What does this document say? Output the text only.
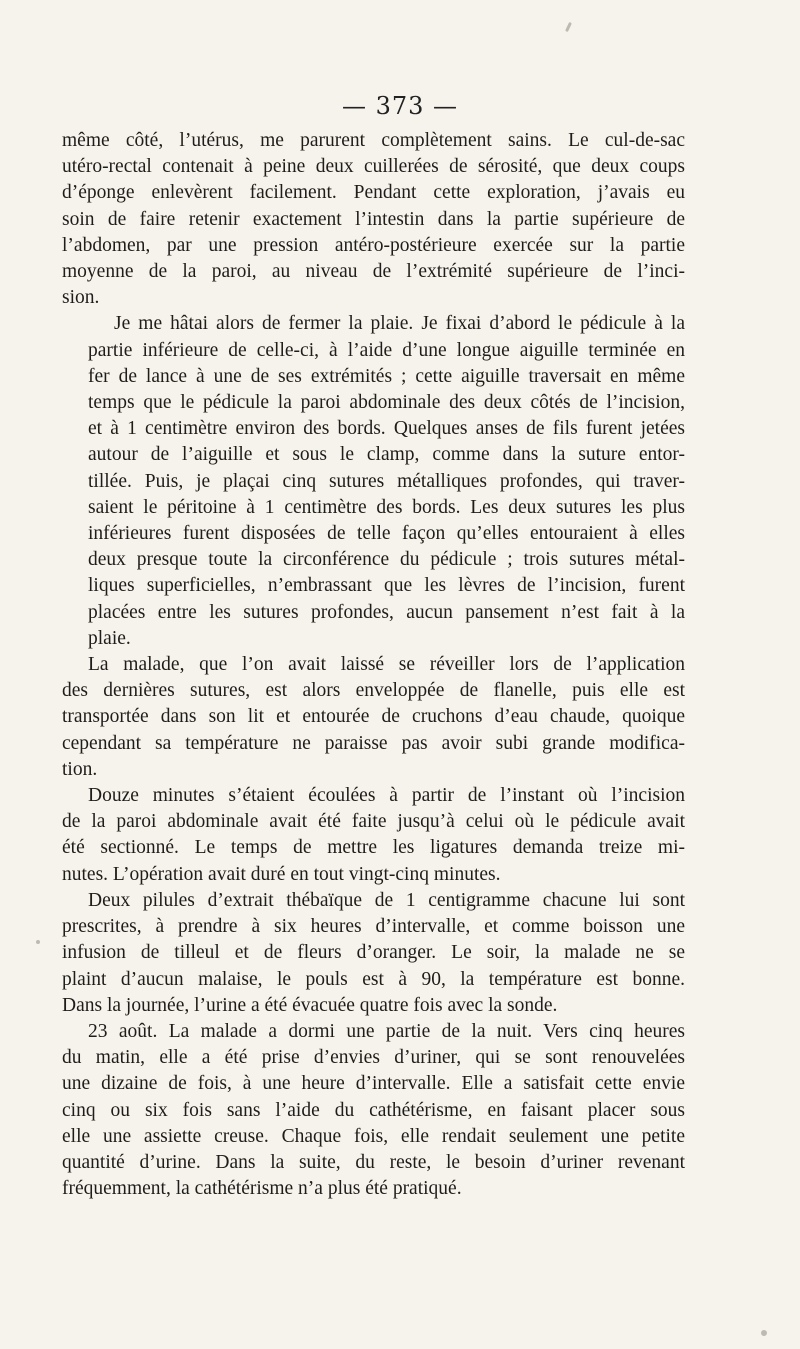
— 373 —

même côté, l’utérus, me parurent complètement sains. Le cul-de-sac
utéro-rectal contenait à peine deux cuillerées de sérosité, que deux coups
d’éponge enlevèrent facilement. Pendant cette exploration, j’avais eu
soin de faire retenir exactement l’intestin dans la partie supérieure de
l’abdomen, par une pression antéro-postérieure exercée sur la partie
moyenne de la paroi, au niveau de l’extrémité supérieure de l’inci-
sion.

Je me hâtai alors de fermer la plaie. Je fixai d’abord le pédicule à la
partie inférieure de celle-ci, à l’aide d’une longue aiguille terminée en
fer de lance à une de ses extrémités ; cette aiguille traversait en même
temps que le pédicule la paroi abdominale des deux côtés de l’incision,
et à 1 centimètre environ des bords. Quelques anses de fils furent jetées
autour de l’aiguille et sous le clamp, comme dans la suture entor-
tillée. Puis, je plaçai cinq sutures métalliques profondes, qui traver-
saient le péritoine à 1 centimètre des bords. Les deux sutures les plus
inférieures furent disposées de telle façon qu’elles entouraient à elles
deux presque toute la circonférence du pédicule ; trois sutures métal-
liques superficielles, n’embrassant que les lèvres de l’incision, furent
placées entre les sutures profondes, aucun pansement n’est fait à la
plaie.

La malade, que l’on avait laissé se réveiller lors de l’application
des dernières sutures, est alors enveloppée de flanelle, puis elle est
transportée dans son lit et entourée de cruchons d’eau chaude, quoique
cependant sa température ne paraisse pas avoir subi grande modifica-
tion.

Douze minutes s’étaient écoulées à partir de l’instant où l’incision
de la paroi abdominale avait été faite jusqu’à celui où le pédicule avait
été sectionné. Le temps de mettre les ligatures demanda treize mi-
nutes. L’opération avait duré en tout vingt-cinq minutes.

Deux pilules d’extrait thébaïque de 1 centigramme chacune lui sont
prescrites, à prendre à six heures d’intervalle, et comme boisson une
infusion de tilleul et de fleurs d’oranger. Le soir, la malade ne se
plaint d’aucun malaise, le pouls est à 90, la température est bonne.
Dans la journée, l’urine a été évacuée quatre fois avec la sonde.

23 août. La malade a dormi une partie de la nuit. Vers cinq heures
du matin, elle a été prise d’envies d’uriner, qui se sont renouvelées
une dizaine de fois, à une heure d’intervalle. Elle a satisfait cette envie
cinq ou six fois sans l’aide du cathétérisme, en faisant placer sous
elle une assiette creuse. Chaque fois, elle rendait seulement une petite
quantité d’urine. Dans la suite, du reste, le besoin d’uriner revenant
fréquemment, la cathétérisme n’a plus été pratiqué.
